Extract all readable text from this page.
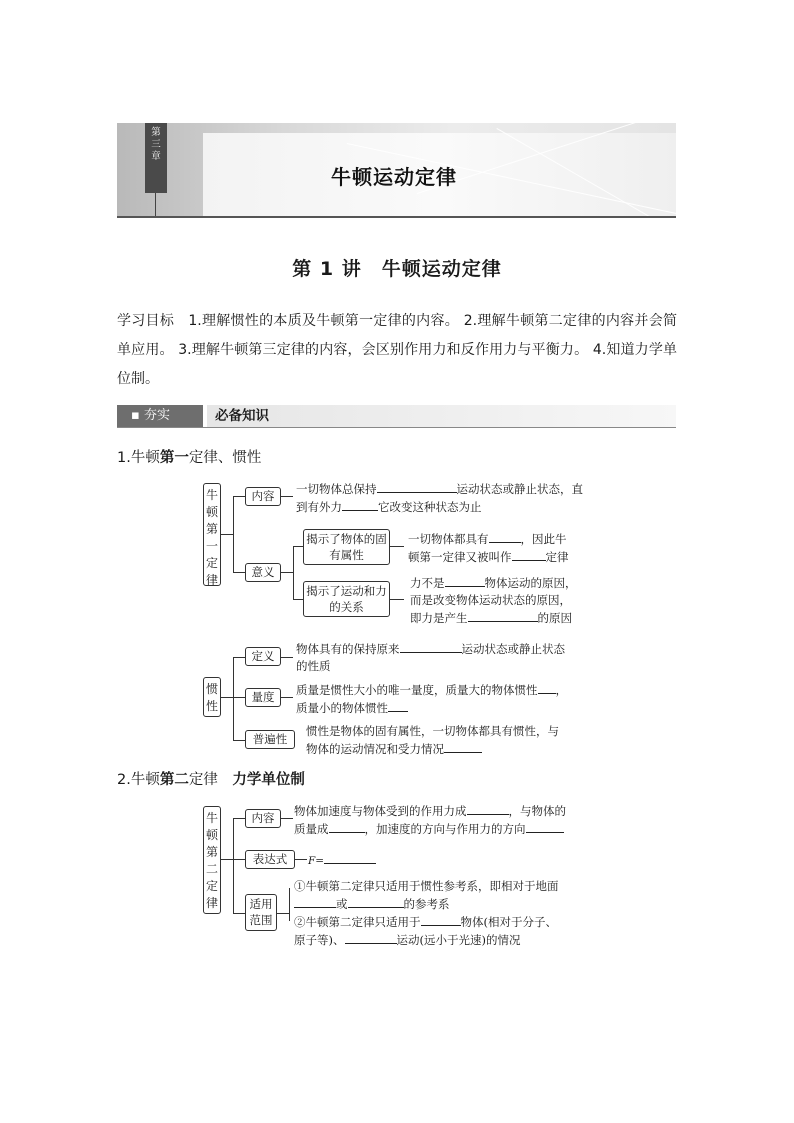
第三章
牛顿运动定律
第 1 讲　牛顿运动定律
学习目标　1.理解惯性的本质及牛顿第一定律的内容。 2.理解牛顿第二定律的内容并会简单应用。 3.理解牛顿第三定律的内容，会区别作用力和反作用力与平衡力。 4.知道力学单位制。
▪ 夯实	必备知识
1.牛顿第一定律、惯性
牛顿第一定律
内容	一切物体总保持	运动状态或静止状态，直
到有外力	它改变这种状态为止
意义
揭示了物体的固有属性
一切物体都具有	，因此牛
顿第一定律又被叫作	定律
揭示了运动和力的关系
力不是	物体运动的原因，
而是改变物体运动状态的原因，
即力是产生	的原因
惯性
定义	物体具有的保持原来	运动状态或静止状态
的性质
量度	质量是惯性大小的唯一量度，质量大的物体惯性 ，
质量小的物体惯性
普遍性
惯性是物体的固有属性，一切物体都具有惯性，与
物体的运动情况和受力情况
2.牛顿第二定律　力学单位制
牛顿第二定律
内容	物体加速度与物体受到的作用力成	，与物体的
质量成	，加速度的方向与作用力的方向
表达式	F=
适用范围
①牛顿第二定律只适用于惯性参考系，即相对于地面
或	的参考系
②牛顿第二定律只适用于	物体(相对于分子、
原子等)、	运动(远小于光速)的情况
